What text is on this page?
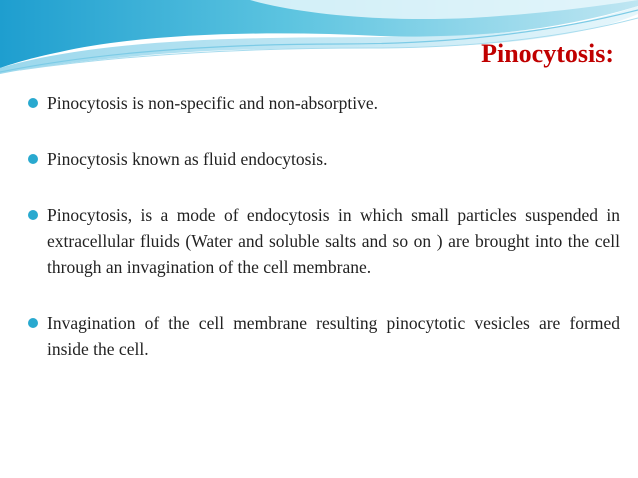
Pinocytosis:
Pinocytosis is non-specific and non-absorptive.
Pinocytosis known as fluid endocytosis.
Pinocytosis, is a mode of endocytosis in which small particles suspended in extracellular fluids (Water and soluble salts and so on ) are brought into the cell through an invagination of the cell membrane.
Invagination of the cell membrane resulting pinocytotic vesicles are formed inside the cell.
